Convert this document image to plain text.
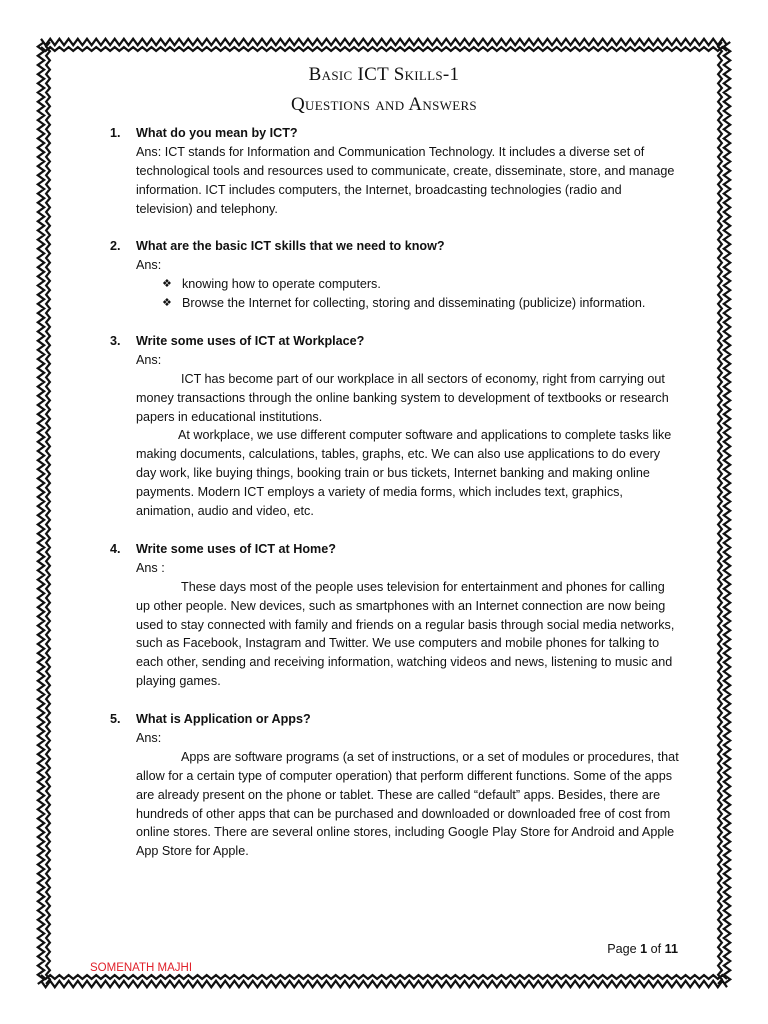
Basic ICT Skills-1
Questions and Answers
1.	What do you mean by ICT?
Ans: ICT stands for Information and Communication Technology. It includes a diverse set of technological tools and resources used to communicate, create, disseminate, store, and manage information. ICT includes computers, the Internet, broadcasting technologies (radio and television) and telephony.
2.	What are the basic ICT skills that we need to know?
Ans:
❖ knowing how to operate computers.
❖ Browse the Internet for collecting, storing and disseminating (publicize) information.
3.	Write some uses of ICT at Workplace?
Ans:

ICT has become part of our workplace in all sectors of economy, right from carrying out money transactions through the online banking system to development of textbooks or research papers in educational institutions.

At workplace, we use different computer software and applications to complete tasks like making documents, calculations, tables, graphs, etc. We can also use applications to do every day work, like buying things, booking train or bus tickets, Internet banking and making online payments. Modern ICT employs a variety of media forms, which includes text, graphics, animation, audio and video, etc.

4.	Write some uses of ICT at Home?
Ans :

These days most of the people uses television for entertainment and phones for calling up other people. New devices, such as smartphones with an Internet connection are now being used to stay connected with family and friends on a regular basis through social media networks, such as Facebook, Instagram and Twitter. We use computers and mobile phones for talking to each other, sending and receiving information, watching videos and news, listening to music and playing games.

5.	What is Application or Apps?
Ans:

Apps are software programs (a set of instructions, or a set of modules or procedures, that allow for a certain type of computer operation) that perform different functions. Some of the apps are already present on the phone or tablet. These are called “default” apps. Besides, there are hundreds of other apps that can be purchased and downloaded or downloaded free of cost from online stores. There are several online stores, including Google Play Store for Android and Apple App Store for Apple.

Page 1 of 11
SOMENATH MAJHI
